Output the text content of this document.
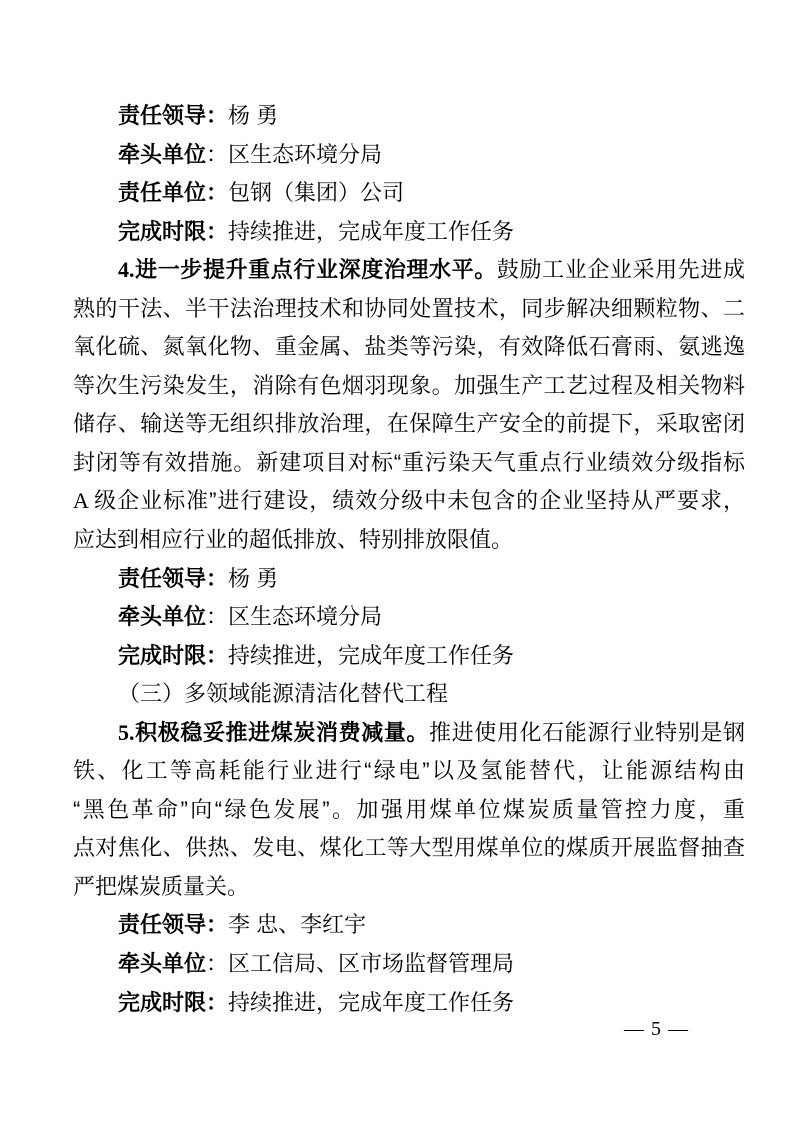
责任领导：杨 勇
牵头单位：区生态环境分局
责任单位：包钢（集团）公司
完成时限：持续推进，完成年度工作任务
4.进一步提升重点行业深度治理水平。鼓励工业企业采用先进成
熟的干法、半干法治理技术和协同处置技术，同步解决细颗粒物、二
氧化硫、氮氧化物、重金属、盐类等污染，有效降低石膏雨、氨逃逸
等次生污染发生，消除有色烟羽现象。加强生产工艺过程及相关物料
储存、输送等无组织排放治理，在保障生产安全的前提下，采取密闭
封闭等有效措施。新建项目对标“重污染天气重点行业绩效分级指标
A 级企业标准”进行建设，绩效分级中未包含的企业坚持从严要求，
应达到相应行业的超低排放、特别排放限值。
责任领导：杨 勇
牵头单位：区生态环境分局
完成时限：持续推进，完成年度工作任务
（三）多领域能源清洁化替代工程
5.积极稳妥推进煤炭消费减量。推进使用化石能源行业特别是钢
铁、化工等高耗能行业进行“绿电”以及氢能替代，让能源结构由
“黑色革命”向“绿色发展”。加强用煤单位煤炭质量管控力度，重
点对焦化、供热、发电、煤化工等大型用煤单位的煤质开展监督抽查
严把煤炭质量关。
责任领导：李 忠、李红宇
牵头单位：区工信局、区市场监督管理局
完成时限：持续推进，完成年度工作任务
— 5 —
